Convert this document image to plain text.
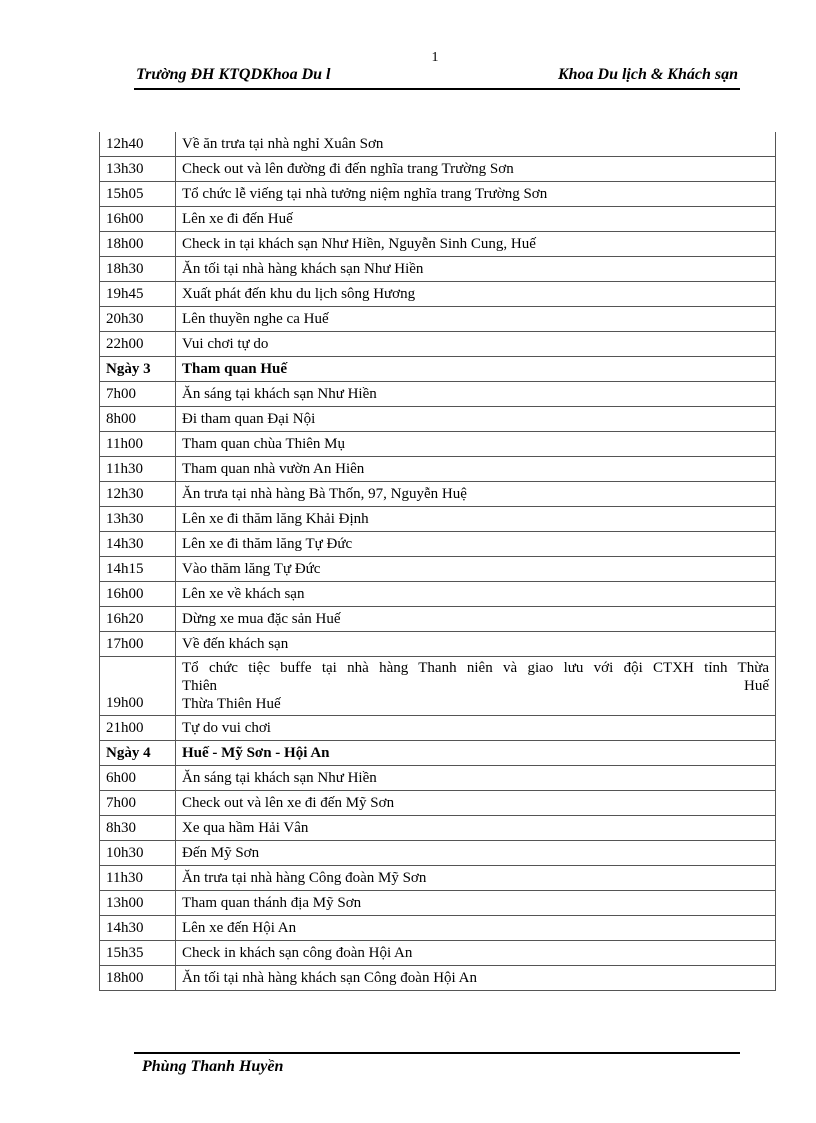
1
Trường ĐH KTQDKhoa Du l	Khoa Du lịch & Khách sạn
12h40	Về ăn trưa tại nhà nghỉ Xuân Sơn
13h30	Check out và lên đường đi đến nghĩa trang Trường Sơn
15h05	Tổ chức lễ viếng tại nhà tưởng niệm nghĩa trang Trường Sơn
16h00	Lên xe đi đến Huế
18h00	Check in tại khách sạn Như Hiền, Nguyễn Sinh Cung, Huế
18h30	Ăn tối tại nhà hàng khách sạn Như Hiền
19h45	Xuất phát đến khu du lịch sông Hương
20h30	Lên thuyền nghe ca Huế
22h00	Vui chơi tự do
Ngày 3	Tham quan Huế
7h00	Ăn sáng tại khách sạn Như Hiền
8h00	Đi tham quan Đại Nội
11h00	Tham quan chùa Thiên Mụ
11h30	Tham quan nhà vườn An Hiên
12h30	Ăn trưa tại nhà hàng Bà Thốn, 97, Nguyễn Huệ
13h30	Lên xe đi thăm lăng Khải Định
14h30	Lên xe đi thăm lăng Tự Đức
14h15	Vào thăm lăng Tự Đức
16h00	Lên xe về khách sạn
16h20	Dừng xe mua đặc sản Huế
17h00	Về đến khách sạn
19h00	Tổ chức tiệc buffe tại nhà hàng Thanh niên và giao lưu với đội CTXH tỉnh Thừa
Thiên Huế
Thừa Thiên Huế

21h00	Tự do vui chơi
Ngày 4	Huế - Mỹ Sơn - Hội An
6h00	Ăn sáng tại khách sạn Như Hiền
7h00	Check out và lên xe đi đến Mỹ Sơn
8h30	Xe qua hầm Hải Vân
10h30	Đến Mỹ Sơn
11h30	Ăn trưa tại nhà hàng Công đoàn Mỹ Sơn
13h00	Tham quan thánh địa Mỹ Sơn
14h30	Lên xe đến Hội An
15h35	Check in khách sạn công đoàn Hội An
18h00	Ăn tối tại nhà hàng khách sạn Công đoàn Hội An
Phùng Thanh Huyền
